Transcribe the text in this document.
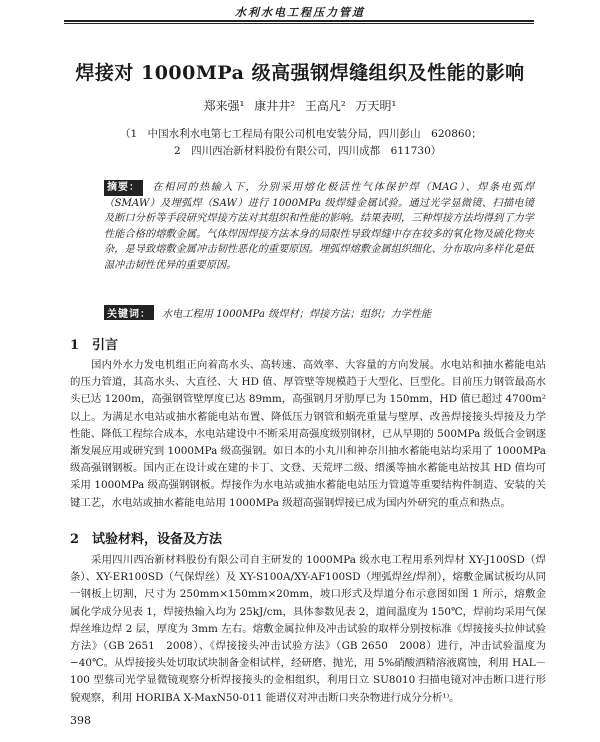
水利水电工程压力管道
焊接对 1000MPa 级高强钢焊缝组织及性能的影响
郑来强¹ 康井井² 王高凡² 万天明¹
（1　中国水利水电第七工程局有限公司机电安装分局，四川彭山　620860；
2　四川西冶新材料股份有限公司，四川成都　611730）
摘要： 在相同的热输入下，分别采用熔化极活性气体保护焊（MAG）、焊条电弧焊（SMAW）及埋弧焊（SAW）进行 1000MPa 级焊缝金属试验。通过光学显微镜、扫描电镜及断口分析等手段研究焊接方法对其组织和性能的影响。结果表明，三种焊接方法均得到了力学性能合格的熔敷金属。气体焊因焊接方法本身的局限性导致焊缝中存在较多的氧化物及硫化物夹杂，是导致熔敷金属冲击韧性恶化的重要原因。埋弧焊熔敷金属组织细化、分布取向多样化是低温冲击韧性优异的重要原因。
关键词： 水电工程用 1000MPa 级焊材；焊接方法；组织；力学性能
1　引言
国内外水力发电机组正向着高水头、高转速、高效率、大容量的方向发展。水电站和抽水蓄能电站的压力管道，其高水头、大直径、大 HD 值、厚管壁等规模趋于大型化、巨型化。目前压力钢管最高水头已达 1200m，高强钢管壁厚度已达 89mm，高强钢月牙肋厚已为 150mm，HD 值已超过 4700m²以上。为满足水电站或抽水蓄能电站布置、降低压力钢管和蜗壳重量与壁厚、改善焊接接头焊接及力学性能、降低工程综合成本，水电站建设中不断采用高强度级别钢材，已从早期的 500MPa 级低合金钢逐渐发展应用或研究到 1000MPa 级高强钢。如日本的小丸川和神奈川抽水蓄能电站均采用了 1000MPa 级高强钢钢板。国内正在设计或在建的卡丁、文登、天荒坪二级、缙溪等抽水蓄能电站按其 HD 值均可采用 1000MPa 级高强钢钢板。焊接作为水电站或抽水蓄能电站压力管道等重要结构件制造、安装的关键工艺，水电站或抽水蓄能电站用 1000MPa 级超高强钢焊接已成为国内外研究的重点和热点。
2　试验材料，设备及方法
采用四川西冶新材料股份有限公司自主研发的 1000MPa 级水电工程用系列焊材 XY-J100SD（焊条）、XY-ER100SD（气保焊丝）及 XY-S100A/XY-AF100SD（埋弧焊丝/焊剂），熔敷金属试板均从同一钢板上切割，尺寸为 250mm×150mm×20mm，坡口形式及焊道分布示意图如图 1 所示，熔敷金属化学成分见表 1，焊接热输入均为 25kJ/cm，具体参数见表 2，道间温度为 150℃，焊前均采用气保焊丝堆边焊 2 层，厚度为 3mm 左右。熔敷金属拉伸及冲击试验的取样分别按标准《焊接接头拉伸试验方法》（GB 2651　2008）、《焊接接头冲击试验方法》（GB 2650　2008）进行，冲击试验温度为 −40℃。从焊接接头处切取试块制备金相试样，经研磨、抛光，用 5%硝酸酒精溶液腐蚀，利用 HAL－100 型蔡司光学显微镜观察分析焊接接头的金相组织，利用日立 SU8010 扫描电镜对冲击断口进行形貌观察，利用 HORIBA X-MaxN50-011 能谱仪对冲击断口夹杂物进行成分分析¹⁾。
398
